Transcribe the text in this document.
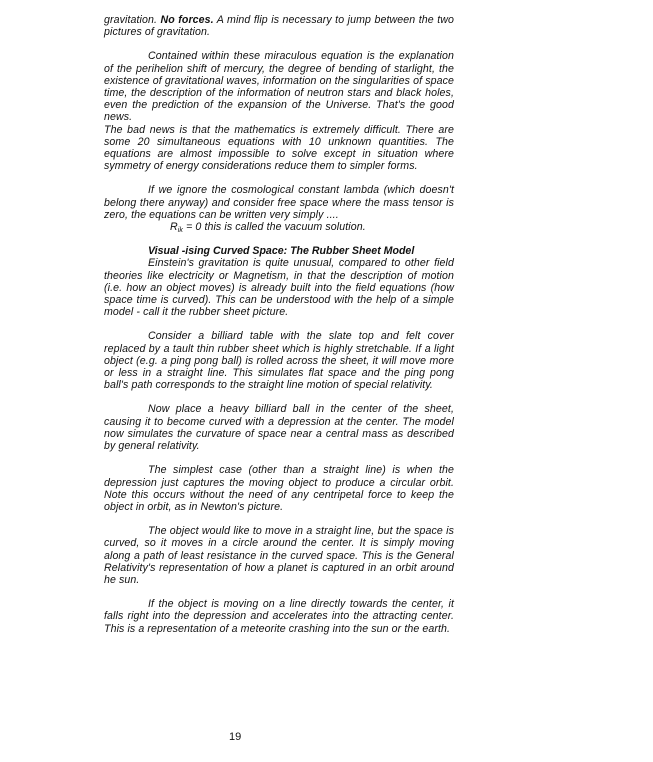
gravitation. No forces. A mind flip is necessary to jump between the two pictures of gravitation.

Contained within these miraculous equation is the explanation of the perihelion shift of mercury, the degree of bending of starlight, the existence of gravitational waves, information on the singularities of space time, the description of the information of neutron stars and black holes, even the prediction of the expansion of the Universe. That's the good news.

The bad news is that the mathematics is extremely difficult. There are some 20 simultaneous equations with 10 unknown quantities. The equations are almost impossible to solve except in situation where symmetry of energy considerations reduce them to simpler forms.

If we ignore the cosmological constant lambda (which doesn't belong there anyway) and consider free space where the mass tensor is zero, the equations can be written very simply ....

$R_{ik} = 0$ this is called the vacuum solution.

Visual -ising Curved Space: The Rubber Sheet Model

Einstein's gravitation is quite unusual, compared to other field theories like electricity or Magnetism, in that the description of motion (i.e. how an object moves) is already built into the field equations (how space time is curved). This can be understood with the help of a simple model - call it the rubber sheet picture.

Consider a billiard table with the slate top and felt cover replaced by a tault thin rubber sheet which is highly stretchable. If a light object (e.g. a ping pong ball) is rolled across the sheet, it will move more or less in a straight line. This simulates flat space and the ping pong ball's path corresponds to the straight line motion of special relativity.

Now place a heavy billiard ball in the center of the sheet, causing it to become curved with a depression at the center. The model now simulates the curvature of space near a central mass as described by general relativity.

The simplest case (other than a straight line) is when the depression just captures the moving object to produce a circular orbit. Note this occurs without the need of any centripetal force to keep the object in orbit, as in Newton's picture.

The object would like to move in a straight line, but the space is curved, so it moves in a circle around the center. It is simply moving along a path of least resistance in the curved space. This is the General Relativity's representation of how a planet is captured in an orbit around he sun.

If the object is moving on a line directly towards the center, it falls right into the depression and accelerates into the attracting center. This is a representation of a meteorite crashing into the sun or the earth.

19
